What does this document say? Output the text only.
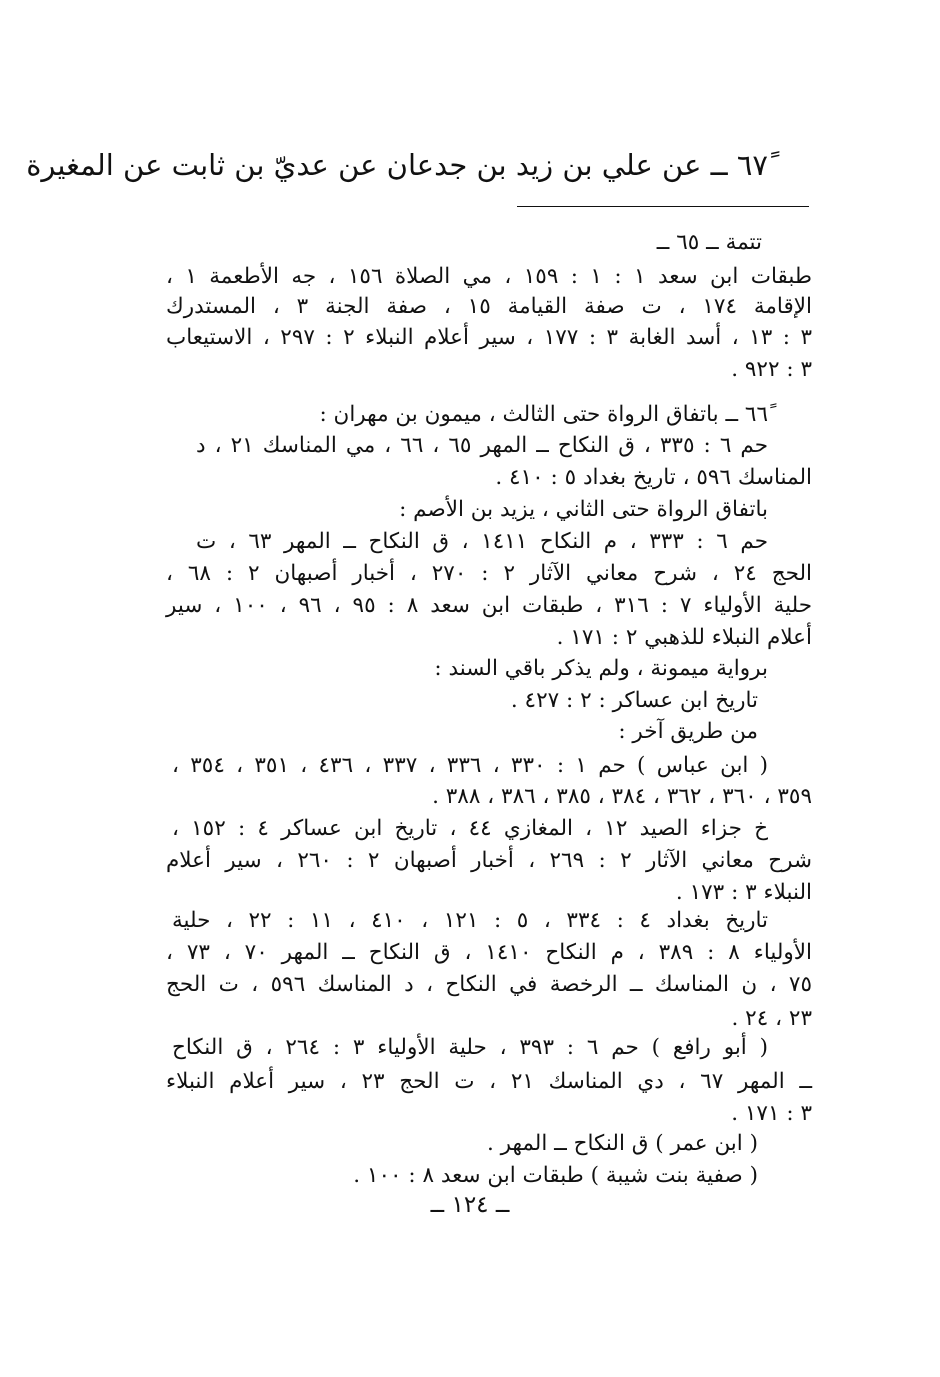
٦٧ً ــ عن علي بن زيد بن جدعان عن عديّ بن ثابت عن المغيرة
تتمة ــ ٦٥ ــ
طبقات ابن سعد ١ : ١ : ١٥٩ ، مي الصلاة ١٥٦ ، جه الأطعمة ١ ،
الإقامة ١٧٤ ، ت صفة القيامة ١٥ ، صفة الجنة ٣ ، المستدرك
٣ : ١٣ ، أسد الغابة ٣ : ١٧٧ ، سير أعلام النبلاء ٢ : ٢٩٧ ، الاستيعاب
٣ : ٩٢٢ .
٦٦ً ــ باتفاق الرواة حتى الثالث ، ميمون بن مهران :
حم ٦ : ٣٣٥ ، ق النكاح ــ المهر ٦٥ ، ٦٦ ، مي المناسك ٢١ ، د
المناسك ٥٩٦ ، تاريخ بغداد ٥ : ٤١٠ .
باتفاق الرواة حتى الثاني ، يزيد بن الأصم :
حم ٦ : ٣٣٣ ، م النكاح ١٤١١ ، ق النكاح ــ المهر ٦٣ ، ت
الحج ٢٤ ، شرح معاني الآثار ٢ : ٢٧٠ ، أخبار أصبهان ٢ : ٦٨ ،
حلية الأولياء ٧ : ٣١٦ ، طبقات ابن سعد ٨ : ٩٥ ، ٩٦ ، ١٠٠ ، سير
أعلام النبلاء للذهبي ٢ : ١٧١ .
برواية ميمونة ، ولم يذكر باقي السند :
تاريخ ابن عساكر : ٢ : ٤٢٧ .
من طريق آخر :
( ابن عباس ) حم ١ : ٣٣٠ ، ٣٣٦ ، ٣٣٧ ، ٤٣٦ ، ٣٥١ ، ٣٥٤ ،
٣٥٩ ، ٣٦٠ ، ٣٦٢ ، ٣٨٤ ، ٣٨٥ ، ٣٨٦ ، ٣٨٨ .
خ جزاء الصيد ١٢ ، المغازي ٤٤ ، تاريخ ابن عساكر ٤ : ١٥٢ ،
شرح معاني الآثار ٢ : ٢٦٩ ، أخبار أصبهان ٢ : ٢٦٠ ، سير أعلام
النبلاء ٣ : ١٧٣ .
تاريخ بغداد ٤ : ٣٣٤ ، ٥ : ١٢١ ، ٤١٠ ، ١١ : ٢٢ ، حلية
الأولياء ٨ : ٣٨٩ ، م النكاح ١٤١٠ ، ق النكاح ــ المهر ٧٠ ، ٧٣ ،
٧٥ ، ن المناسك ــ الرخصة في النكاح ، د المناسك ٥٩٦ ، ت الحج
٢٣ ، ٢٤ .
( أبو رافع ) حم ٦ : ٣٩٣ ، حلية الأولياء ٣ : ٢٦٤ ، ق النكاح
ــ المهر ٦٧ ، دي المناسك ٢١ ، ت الحج ٢٣ ، سير أعلام النبلاء
٣ : ١٧١ .
( ابن عمر ) ق النكاح ــ المهر .
( صفية بنت شيبة ) طبقات ابن سعد ٨ : ١٠٠ .
ــ ١٢٤ ــ
